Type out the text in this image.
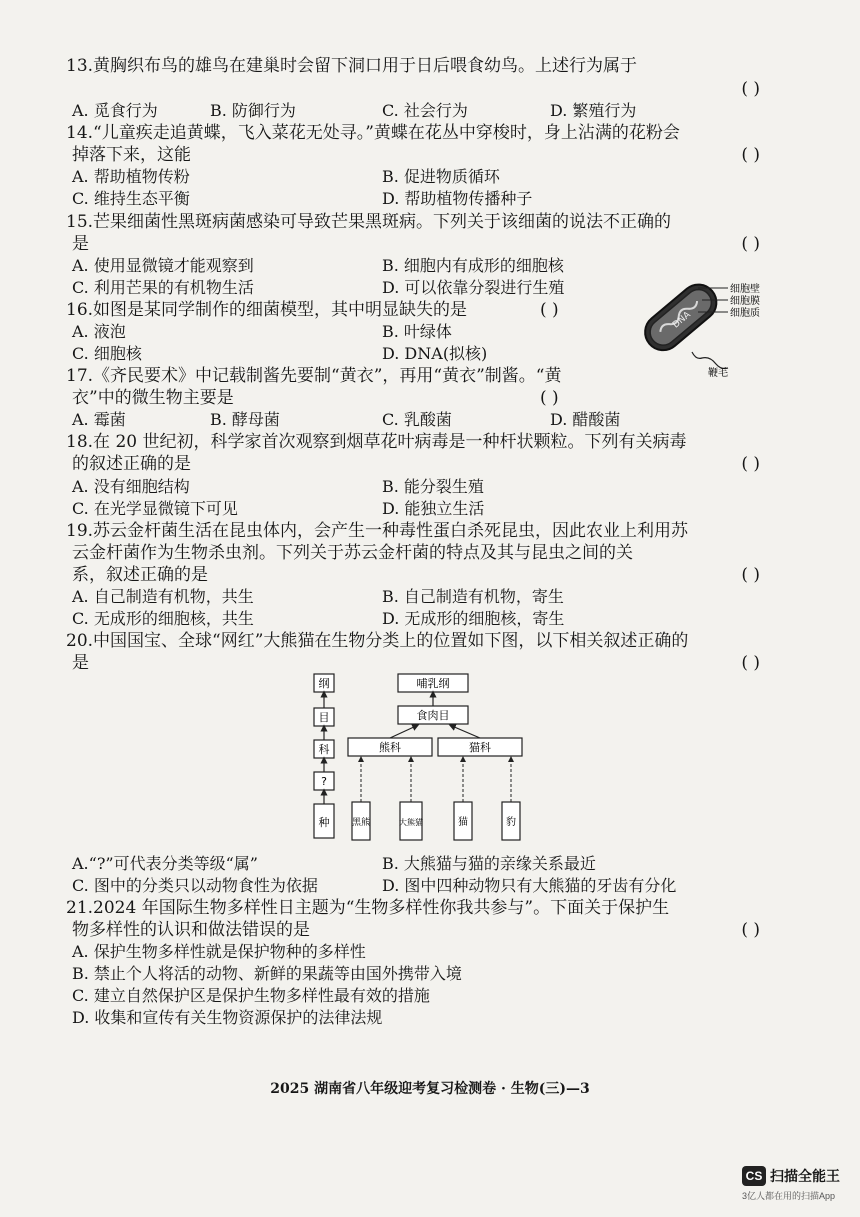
13.黄胸织布鸟的雄鸟在建巢时会留下洞口用于日后喂食幼鸟。上述行为属于
( )
A. 觅食行为	B. 防御行为	C. 社会行为	D. 繁殖行为
14.“儿童疾走追黄蝶，飞入菜花无处寻。”黄蝶在花丛中穿梭时，身上沾满的花粉会
掉落下来，这能	( )
A. 帮助植物传粉	B. 促进物质循环
C. 维持生态平衡	D. 帮助植物传播种子
15.芒果细菌性黑斑病菌感染可导致芒果黑斑病。下列关于该细菌的说法不正确的
是	( )
A. 使用显微镜才能观察到	B. 细胞内有成形的细胞核
C. 利用芒果的有机物生活	D. 可以依靠分裂进行生殖
16.如图是某同学制作的细菌模型，其中明显缺失的是	( )
A. 液泡	B. 叶绿体
C. 细胞核	D. DNA(拟核)
DNA
细胞壁
细胞膜
细胞质
鞭毛
17.《齐民要术》中记载制酱先要制“黄衣”，再用“黄衣”制酱。“黄
衣”中的微生物主要是	( )
A. 霉菌	B. 酵母菌	C. 乳酸菌	D. 醋酸菌
18.在 20 世纪初，科学家首次观察到烟草花叶病毒是一种杆状颗粒。下列有关病毒
的叙述正确的是	( )
A. 没有细胞结构	B. 能分裂生殖
C. 在光学显微镜下可见	D. 能独立生活
19.苏云金杆菌生活在昆虫体内，会产生一种毒性蛋白杀死昆虫，因此农业上利用苏
云金杆菌作为生物杀虫剂。下列关于苏云金杆菌的特点及其与昆虫之间的关
系，叙述正确的是	( )
A. 自己制造有机物，共生	B. 自己制造有机物，寄生
C. 无成形的细胞核，共生	D. 无成形的细胞核，寄生
20.中国国宝、全球“网红”大熊猫在生物分类上的位置如下图，以下相关叙述正确的
是	( )
纲
目
科
?
种
哺乳纲
食肉目
熊科	猫科
黑熊	大熊猫	猫	豹
A.“?”可代表分类等级“属”	B. 大熊猫与猫的亲缘关系最近
C. 图中的分类只以动物食性为依据	D. 图中四种动物只有大熊猫的牙齿有分化
21.2024 年国际生物多样性日主题为“生物多样性你我共参与”。下面关于保护生
物多样性的认识和做法错误的是	( )
A. 保护生物多样性就是保护物种的多样性
B. 禁止个人将活的动物、新鲜的果蔬等由国外携带入境
C. 建立自然保护区是保护生物多样性最有效的措施
D. 收集和宣传有关生物资源保护的法律法规
2025 湖南省八年级迎考复习检测卷 · 生物(三)—3
CS 扫描全能王
3亿人都在用的扫描App
